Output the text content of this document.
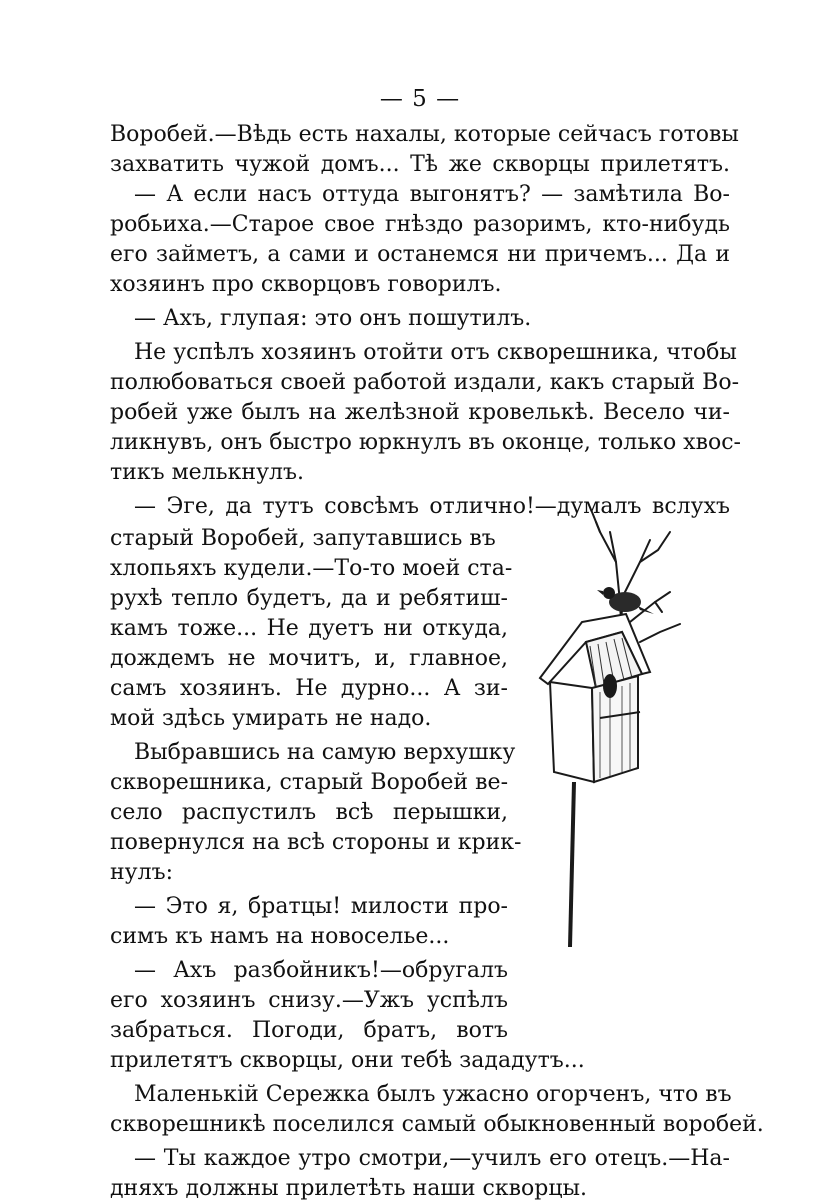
— 5 —
Воробей.—Вѣдь есть нахалы, которые сейчасъ готовы
захватить чужой домъ... Тѣ же скворцы прилетятъ.
— А если насъ оттуда выгонятъ? — замѣтила Во-
робьиха.—Старое свое гнѣздо разоримъ, кто-нибудь
его займетъ, а сами и останемся ни причемъ... Да и
хозяинъ про скворцовъ говорилъ.
— Ахъ, глупая: это онъ пошутилъ.
Не успѣлъ хозяинъ отойти отъ скворешника, чтобы
полюбоваться своей работой издали, какъ старый Во-
робей уже былъ на желѣзной кровелькѣ. Весело чи-
ликнувъ, онъ быстро юркнулъ въ оконце, только хвос-
тикъ мелькнулъ.
— Эге, да тутъ совсѣмъ отлично!—думалъ вслухъ
старый Воробей, запутавшись въ
хлопьяхъ кудели.—То-то моей ста-
рухѣ тепло будетъ, да и ребятиш-
камъ тоже... Не дуетъ ни откуда,
дождемъ не мочитъ, и, главное,
самъ хозяинъ. Не дурно... А зи-
мой здѣсь умирать не надо.
Выбравшись на самую верхушку
скворешника, старый Воробей ве-
село распустилъ всѣ перышки,
повернулся на всѣ стороны и крик-
нулъ:
— Это я, братцы! милости про-
симъ къ намъ на новоселье...
— Ахъ разбойникъ!—обругалъ
его хозяинъ снизу.—Ужъ успѣлъ
забраться. Погоди, братъ, вотъ
прилетятъ скворцы, они тебѣ зададутъ...
Маленькій Сережка былъ ужасно огорченъ, что въ
скворешникѣ поселился самый обыкновенный воробей.
— Ты каждое утро смотри,—училъ его отецъ.—На-
дняхъ должны прилетѣть наши скворцы.
